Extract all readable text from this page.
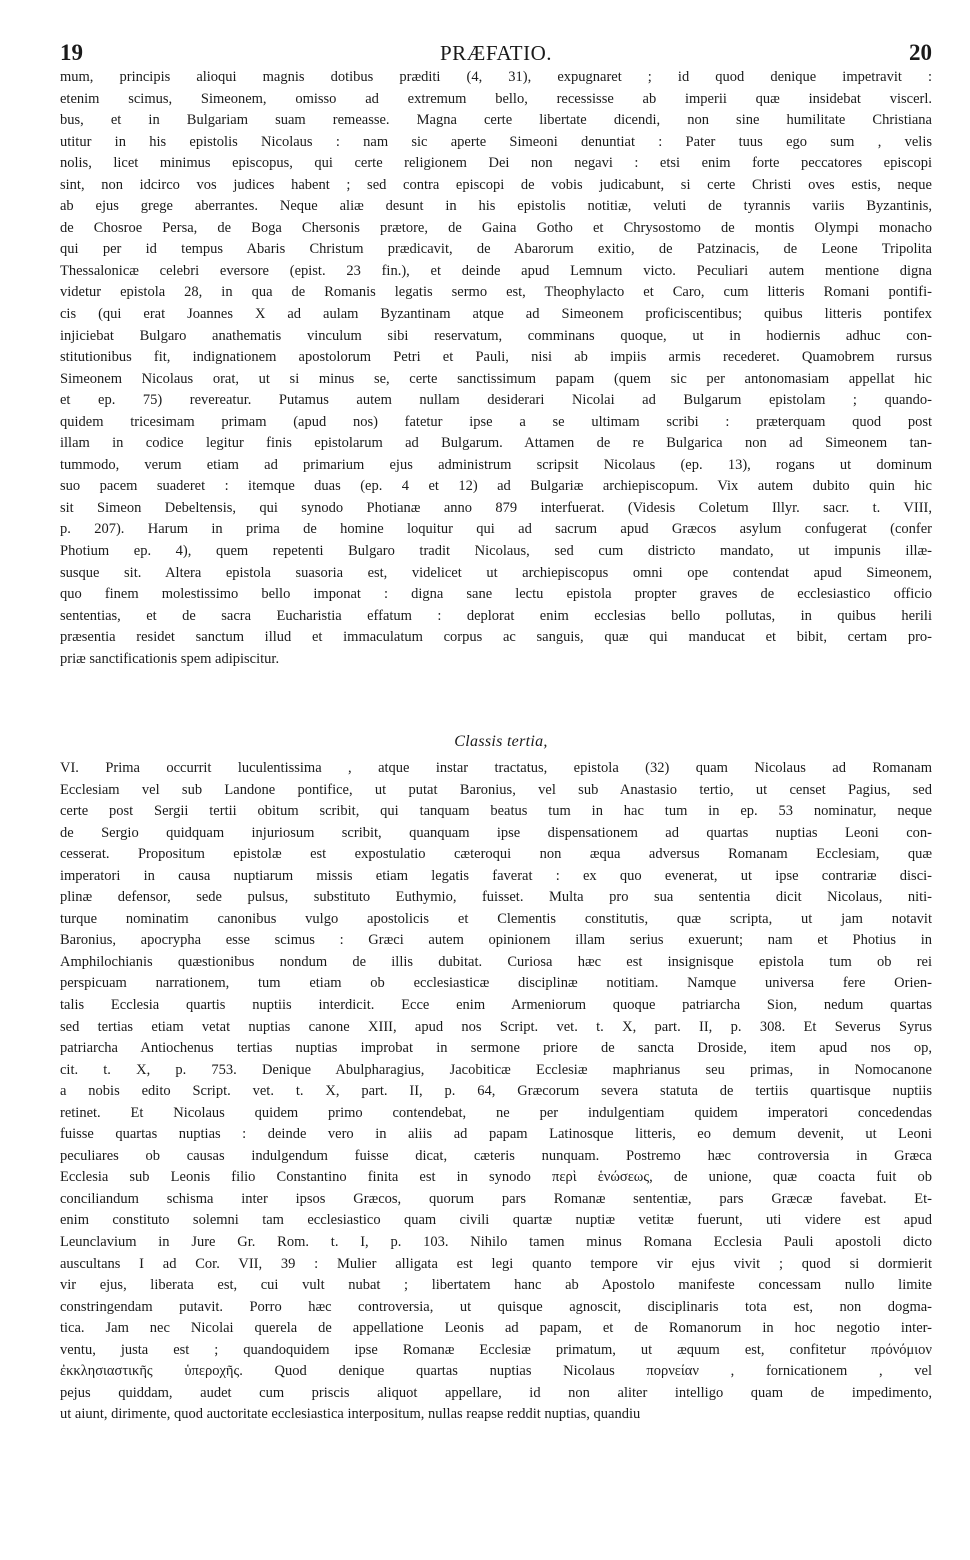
19	PRÆFATIO.	20
mum, principis alioqui magnis dotibus præditi (4, 31), expugnaret ; id quod denique impetravit :
etenim scimus, Simeonem, omisso ad extremum bello, recessisse ab imperii quæ insidebat viscerl.
bus, et in Bulgariam suam remeasse. Magna certe libertate dicendi, non sine humilitate Christiana
utitur in his epistolis Nicolaus : nam sic aperte Simeoni denuntiat : Pater tuus ego sum , velis
nolis, licet minimus episcopus, qui certe religionem Dei non negavi : etsi enim forte peccatores episcopi
sint, non idcirco vos judices habent ; sed contra episcopi de vobis judicabunt, si certe Christi oves estis, neque
ab ejus grege aberrantes. Neque aliæ desunt in his epistolis notitiæ, veluti de tyrannis variis Byzantinis,
de Chosroe Persa, de Boga Chersonis prætore, de Gaina Gotho et Chrysostomo de montis Olympi monacho
qui per id tempus Abaris Christum prædicavit, de Abarorum exitio, de Patzinacis, de Leone Tripolita
Thessalonicæ celebri eversore (epist. 23 fin.), et deinde apud Lemnum victo. Peculiari autem mentione digna
videtur epistola 28, in qua de Romanis legatis sermo est, Theophylacto et Caro, cum litteris Romani pontifi-
cis (qui erat Joannes X ad aulam Byzantinam atque ad Simeonem proficiscentibus; quibus litteris pontifex
injiciebat Bulgaro anathematis vinculum sibi reservatum, comminans quoque, ut in hodiernis adhuc con-
stitutionibus fit, indignationem apostolorum Petri et Pauli, nisi ab impiis armis recederet. Quamobrem rursus
Simeonem Nicolaus orat, ut si minus se, certe sanctissimum papam (quem sic per antonomasiam appellat hic
et ep. 75) revereatur. Putamus autem nullam desiderari Nicolai ad Bulgarum epistolam ; quando-
quidem tricesimam primam (apud nos) fatetur ipse a se ultimam scribi : præterquam quod post
illam in codice legitur finis epistolarum ad Bulgarum. Attamen de re Bulgarica non ad Simeonem tan-
tummodo, verum etiam ad primarium ejus administrum scripsit Nicolaus (ep. 13), rogans ut dominum
suo pacem suaderet : itemque duas (ep. 4 et 12) ad Bulgariæ archiepiscopum. Vix autem dubito quin hic
sit Simeon Debeltensis, qui synodo Photianæ anno 879 interfuerat. (Videsis Coletum Illyr. sacr. t. VIII,
p. 207). Harum in prima de homine loquitur qui ad sacrum apud Græcos asylum confugerat (confer
Photium ep. 4), quem repetenti Bulgaro tradit Nicolaus, sed cum districto mandato, ut impunis illæ-
susque sit. Altera epistola suasoria est, videlicet ut archiepiscopus omni ope contendat apud Simeonem,
quo finem molestissimo bello imponat : digna sane lectu epistola propter graves de ecclesiastico officio
sententias, et de sacra Eucharistia effatum : deplorat enim ecclesias bello pollutas, in quibus herili
præsentia residet sanctum illud et immaculatum corpus ac sanguis, quæ qui manducat et bibit, certam pro-
priæ sanctificationis spem adipiscitur.
Classis tertia,
VI. Prima occurrit luculentissima , atque instar tractatus, epistola (32) quam Nicolaus ad Romanam
Ecclesiam vel sub Landone pontifice, ut putat Baronius, vel sub Anastasio tertio, ut censet Pagius, sed
certe post Sergii tertii obitum scribit, qui tanquam beatus tum in hac tum in ep. 53 nominatur, neque
de Sergio quidquam injuriosum scribit, quanquam ipse dispensationem ad quartas nuptias Leoni con-
cesserat. Propositum epistolæ est expostulatio cæteroqui non æqua adversus Romanam Ecclesiam, quæ
imperatori in causa nuptiarum missis etiam legatis faverat : ex quo evenerat, ut ipse contrariæ disci-
plinæ defensor, sede pulsus, substituto Euthymio, fuisset. Multa pro sua sententia dicit Nicolaus, niti-
turque nominatim canonibus vulgo apostolicis et Clementis constitutis, quæ scripta, ut jam notavit
Baronius, apocrypha esse scimus : Græci autem opinionem illam serius exuerunt; nam et Photius in
Amphilochianis quæstionibus nondum de illis dubitat. Curiosa hæc est insignisque epistola tum ob rei
perspicuam narrationem, tum etiam ob ecclesiasticæ disciplinæ notitiam. Namque universa fere Orien-
talis Ecclesia quartis nuptiis interdicit. Ecce enim Armeniorum quoque patriarcha Sion, nedum quartas
sed tertias etiam vetat nuptias canone XIII, apud nos Script. vet. t. X, part. II, p. 308. Et Severus Syrus
patriarcha Antiochenus tertias nuptias improbat in sermone priore de sancta Droside, item apud nos op,
cit. t. X, p. 753. Denique Abulpharagius, Jacobiticæ Ecclesiæ maphrianus seu primas, in Nomocanone
a nobis edito Script. vet. t. X, part. II, p. 64, Græcorum severa statuta de tertiis quartisque nuptiis
retinet. Et Nicolaus quidem primo contendebat, ne per indulgentiam quidem imperatori concedendas
fuisse quartas nuptias : deinde vero in aliis ad papam Latinosque litteris, eo demum devenit, ut Leoni
peculiares ob causas indulgendum fuisse dicat, cæteris nunquam. Postremo hæc controversia in Græca
Ecclesia sub Leonis filio Constantino finita est in synodo περὶ ἑνώσεως, de unione, quæ coacta fuit ob
conciliandum schisma inter ipsos Græcos, quorum pars Romanæ sententiæ, pars Græcæ favebat. Et-
enim constituto solemni tam ecclesiastico quam civili quartæ nuptiæ vetitæ fuerunt, uti videre est apud
Leunclavium in Jure Gr. Rom. t. I, p. 103. Nihilo tamen minus Romana Ecclesia Pauli apostoli dicto
auscultans I ad Cor. VII, 39 : Mulier alligata est legi quanto tempore vir ejus vivit ; quod si dormierit
vir ejus, liberata est, cui vult nubat ; libertatem hanc ab Apostolo manifeste concessam nullo limite
constringendam putavit. Porro hæc controversia, ut quisque agnoscit, disciplinaris tota est, non dogma-
tica. Jam nec Nicolai querela de appellatione Leonis ad papam, et de Romanorum in hoc negotio inter-
ventu, justa est ; quandoquidem ipse Romanæ Ecclesiæ primatum, ut æquum est, confitetur πρόνόμιον
ἐκκλησιαστικῆς ὑπεροχῆς. Quod denique quartas nuptias Nicolaus πορνείαν , fornicationem , vel
pejus quiddam, audet cum priscis aliquot appellare, id non aliter intelligo quam de impedimento,
ut aiunt, dirimente, quod auctoritate ecclesiastica interpositum, nullas reapse reddit nuptias, quandiu
